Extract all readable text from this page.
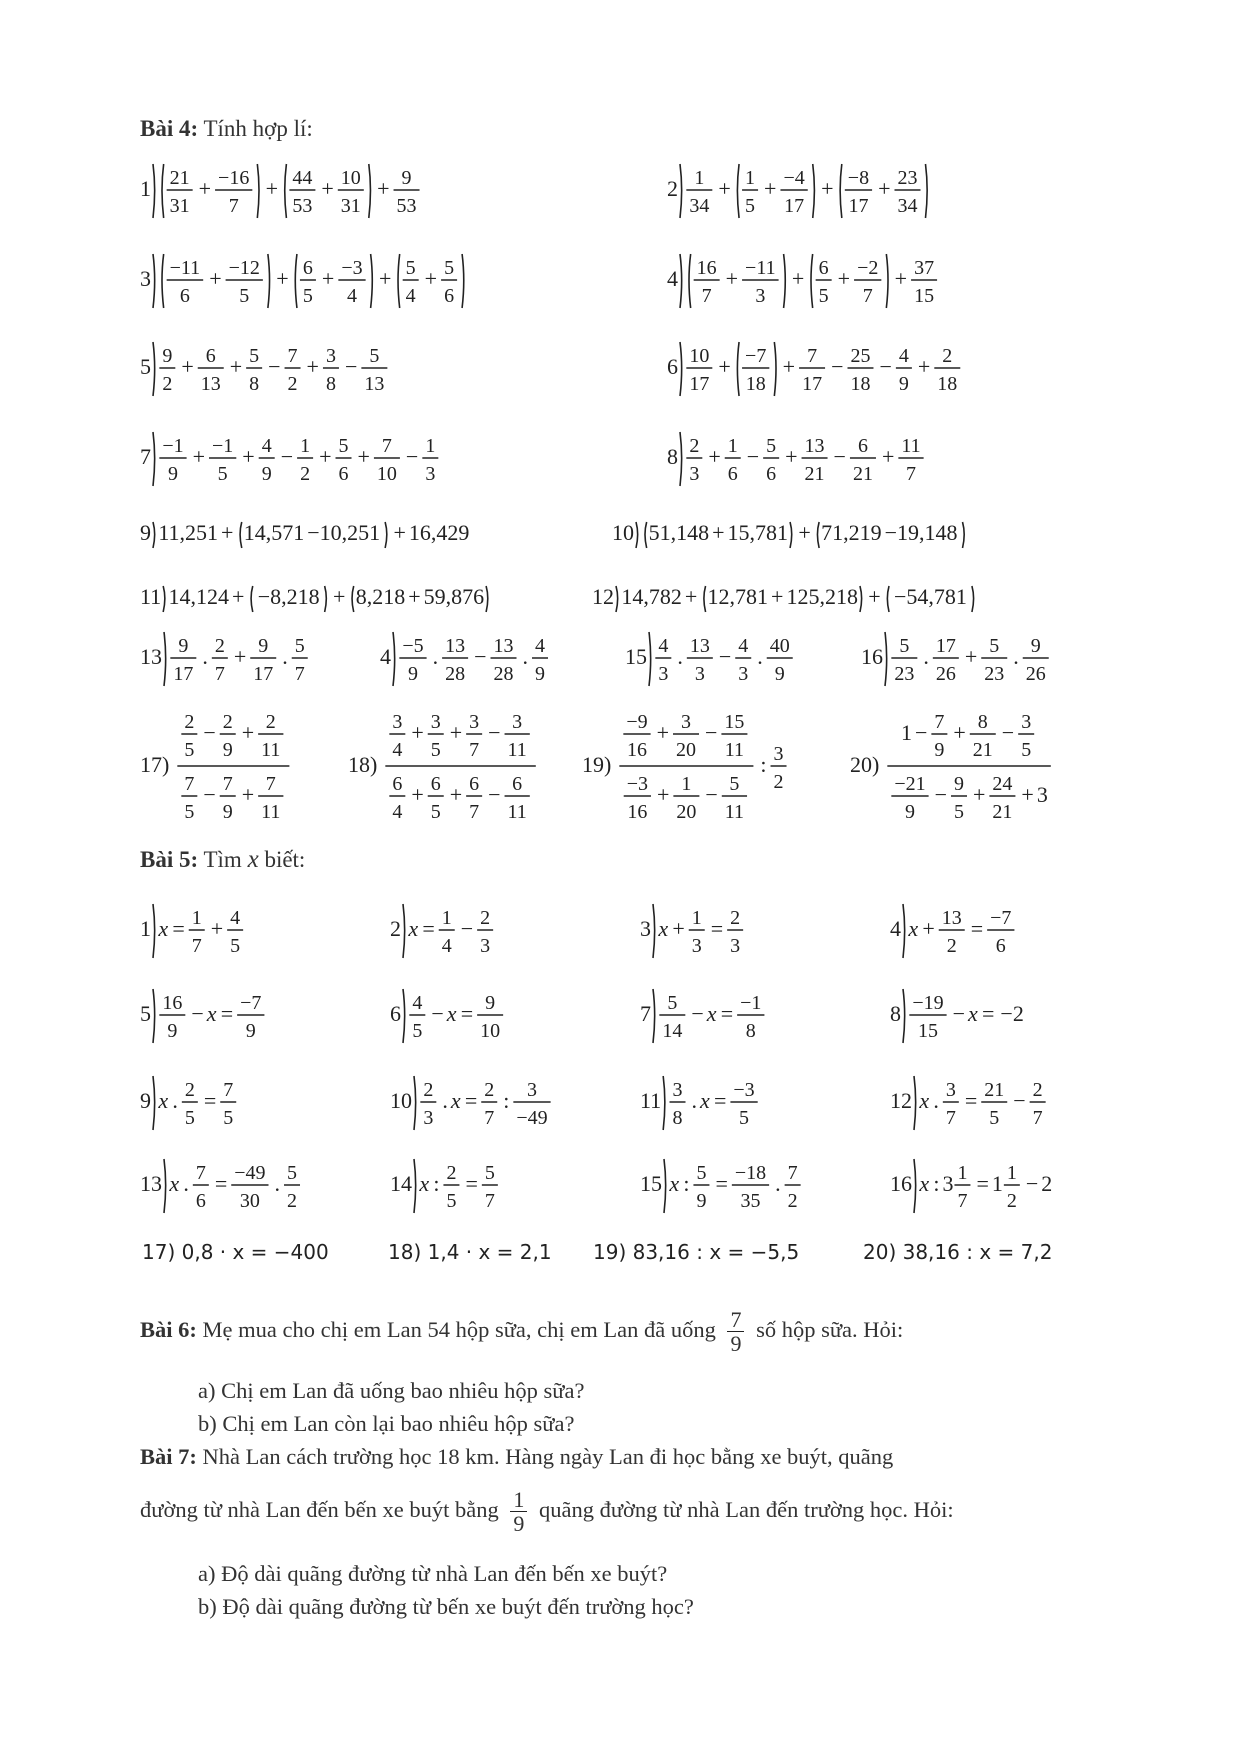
Bài 4: Tính hợp lí:
1 21
31
+ −16
7
+ 44
53
+ 10
31
+ 9
53
2 1
34
+ 1
5
+ −4
17
+ −8
17
+ 23
34
3 −11
6
+ −12
5
+ 6
5
+ −3
4
+ 5
4
+ 5
6
4 16
7
+ −11
3
+ 6
5
+ −2
7
+ 37
15
5 9
2
+ 6
13
+ 5
8
− 7
2
+ 3
8
− 5
13
6 10
17
+ −7
18
+ 7
17
− 25
18
− 4
9
+ 2
18
7 −1
9
+ −1
5
+ 4
9
− 1
2
+ 5
6
+ 7
10
− 1
3
8 2
3
+ 1
6
− 5
6
+ 13
21
− 6
21
+ 11
7
9 11,251 + 14,571 −10,251 + 16,429	10 51,148 + 15,781 + 71,219 −19,148
11 14,124 + −8,218 + 8,218 + 59,876	12 14,782 + 12,781 + 125,218 + −54,781
13 9
17
. 2
7
+ 9
17
. 5
7
4 −5
9
. 13
28
− 13
28
. 4
9
15 4
3
. 13
3
− 4
3
. 40
9
16 5
23
. 17
26
+ 5
23
. 9
26
17)
2
5
− 2
9
+ 2
11
7
5
− 7
9
+ 7
11
18)
3
4
+ 3
5
+ 3
7
− 3
11
6
4
+ 6
5
+ 6
7
− 6
11
19)
−9
16
+ 3
20
− 15
11
−3
16
+ 1
20
− 5
11
: 3
2
20)
1 − 7
9
+ 8
21
− 3
5
−21
9
− 9
5
+ 24
21
+ 3
Bài 5: Tìm x biết:
1 x = 1
7
+ 4
5
2 x = 1
4
− 2
3
3 x + 1
3
= 2
3
4 x + 13
2
= −7
6
5 16
9
− x = −7
9
6 4
5
− x = 9
10
7 5
14
− x = −1
8
8 −19
15
− x = −2
9 x . 2
5
= 7
5
10 2
3
. x = 2
7
: 3
−49
11 3
8
. x = −3
5
12 x . 3
7
= 21
5
− 2
7
13 x . 7
6
= −49
30
. 5
2
14 x : 2
5
= 5
7
15 x : 5
9
= −18
35
. 7
2
16 x : 3 1
7
= 1 1
2
− 2
17) 0,8 · x = −400	18) 1,4 · x = 2,1 19) 83,16 : x = −5,5	20) 38,16 : x = 7,2
Bài 6: Mẹ mua cho chị em Lan 54 hộp sữa, chị em Lan đã uống $\frac{7}{9}$ số hộp sữa. Hỏi:
a) Chị em Lan đã uống bao nhiêu hộp sữa?
b) Chị em Lan còn lại bao nhiêu hộp sữa?
Bài 7: Nhà Lan cách trường học 18 km. Hàng ngày Lan đi học bằng xe buýt, quãng
đường từ nhà Lan đến bến xe buýt bằng $\frac{1}{9}$ quãng đường từ nhà Lan đến trường học. Hỏi:
a) Độ dài quãng đường từ nhà Lan đến bến xe buýt?
b) Độ dài quãng đường từ bến xe buýt đến trường học?
